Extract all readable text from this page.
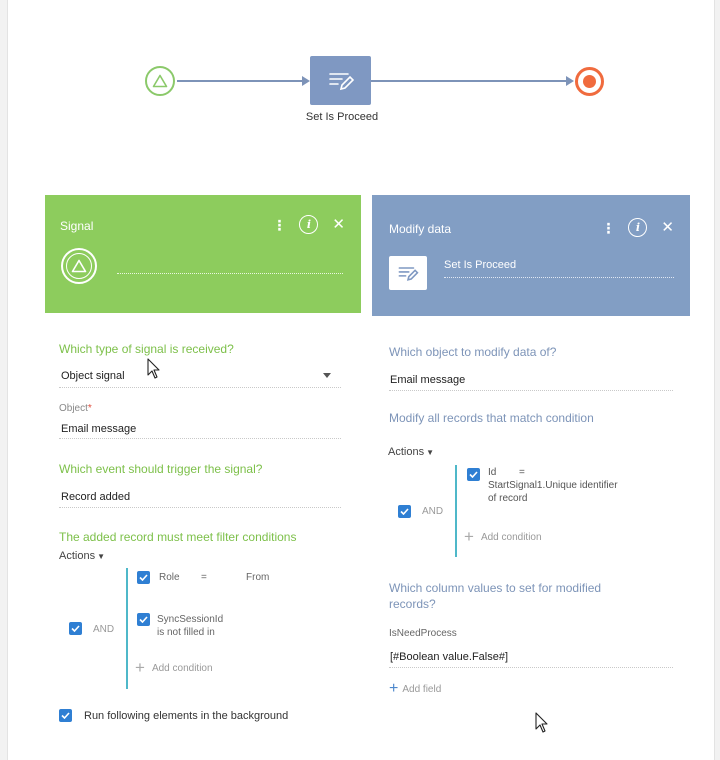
Set Is Proceed
Signal	⋮	i	✕
Which type of signal is received?
Object signal
Object*
Email message
Which event should trigger the signal?
Record added
The added record must meet filter conditions
Actions ▼
AND
Role =	From
SyncSessionId
is not filled in
+ Add condition
Run following elements in the background
Modify data	⋮	i	✕
Set Is Proceed
Which object to modify data of?
Email message
Modify all records that match condition
Actions ▼
AND
Id =
StartSignal1.Unique identifier
of record
+ Add condition
Which column values to set for modified
records?
IsNeedProcess
[#Boolean value.False#]
+ Add field
